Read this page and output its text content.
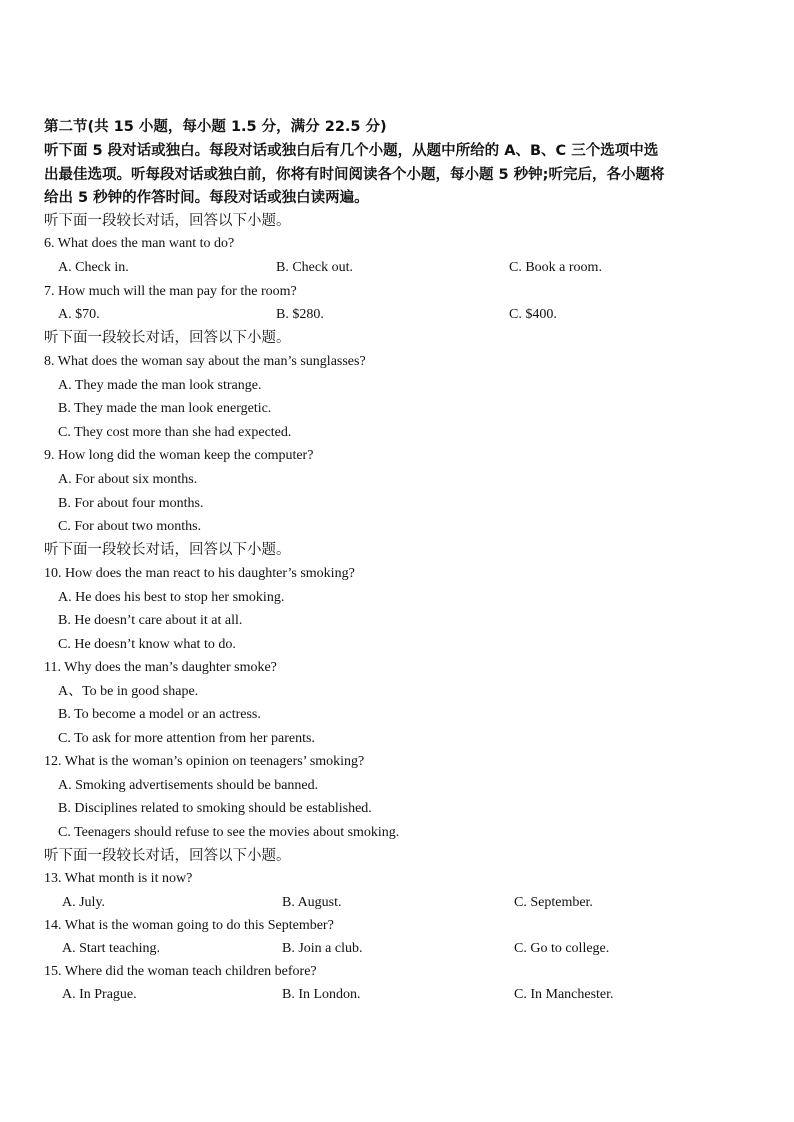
第二节(共 15 小题，每小题 1.5 分，满分 22.5 分)
听下面 5 段对话或独白。每段对话或独白后有几个小题，从题中所给的 A、B、C 三个选项中选
出最佳选项。听每段对话或独白前，你将有时间阅读各个小题，每小题 5 秒钟;听完后，各小题将
给出 5 秒钟的作答时间。每段对话或独白读两遍。
听下面一段较长对话，回答以下小题。
6. What does the man want to do?
A. Check in.	B. Check out.	C. Book a room.
7. How much will the man pay for the room?
A. $70.	B. $280.	C. $400.
听下面一段较长对话，回答以下小题。
8. What does the woman say about the man’s sunglasses?
A. They made the man look strange.
B. They made the man look energetic.
C. They cost more than she had expected.
9. How long did the woman keep the computer?
A. For about six months.
B. For about four months.
C. For about two months.
听下面一段较长对话，回答以下小题。
10. How does the man react to his daughter’s smoking?
A. He does his best to stop her smoking.
B. He doesn’t care about it at all.
C. He doesn’t know what to do.
11. Why does the man’s daughter smoke?
A、To be in good shape.
B. To become a model or an actress.
C. To ask for more attention from her parents.
12. What is the woman’s opinion on teenagers’ smoking?
A. Smoking advertisements should be banned.
B. Disciplines related to smoking should be established.
C. Teenagers should refuse to see the movies about smoking.
听下面一段较长对话，回答以下小题。
13. What month is it now?
A. July.	B. August.	C. September.
14. What is the woman going to do this September?
A. Start teaching.	B. Join a club.	C. Go to college.
15. Where did the woman teach children before?
A. In Prague.	B. In London.	C. In Manchester.
